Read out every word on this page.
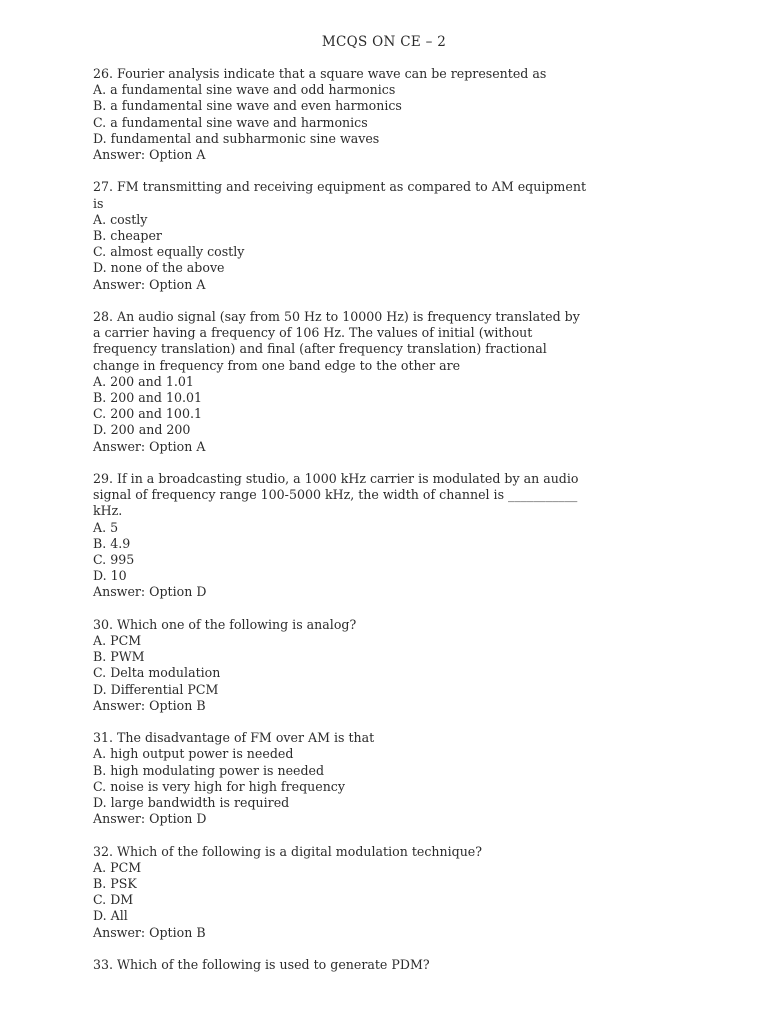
MCQS ON CE – 2
26. Fourier analysis indicate that a square wave can be represented as
A. a fundamental sine wave and odd harmonics
B. a fundamental sine wave and even harmonics
C. a fundamental sine wave and harmonics
D. fundamental and subharmonic sine waves
Answer: Option A
27. FM transmitting and receiving equipment as compared to AM equipment is
A. costly
B. cheaper
C. almost equally costly
D. none of the above
Answer: Option A
28. An audio signal (say from 50 Hz to 10000 Hz) is frequency translated by a carrier having a frequency of 106 Hz. The values of initial (without frequency translation) and final (after frequency translation) fractional change in frequency from one band edge to the other are
A. 200 and 1.01
B. 200 and 10.01
C. 200 and 100.1
D. 200 and 200
Answer: Option A
29. If in a broadcasting studio, a 1000 kHz carrier is modulated by an audio signal of frequency range 100-5000 kHz, the width of channel is ___________ kHz.
A. 5
B. 4.9
C. 995
D. 10
Answer: Option D
30. Which one of the following is analog?
A. PCM
B. PWM
C. Delta modulation
D. Differential PCM
Answer: Option B
31. The disadvantage of FM over AM is that
A. high output power is needed
B. high modulating power is needed
C. noise is very high for high frequency
D. large bandwidth is required
Answer: Option D
32. Which of the following is a digital modulation technique?
A. PCM
B. PSK
C. DM
D. All
Answer: Option B
33. Which of the following is used to generate PDM?
